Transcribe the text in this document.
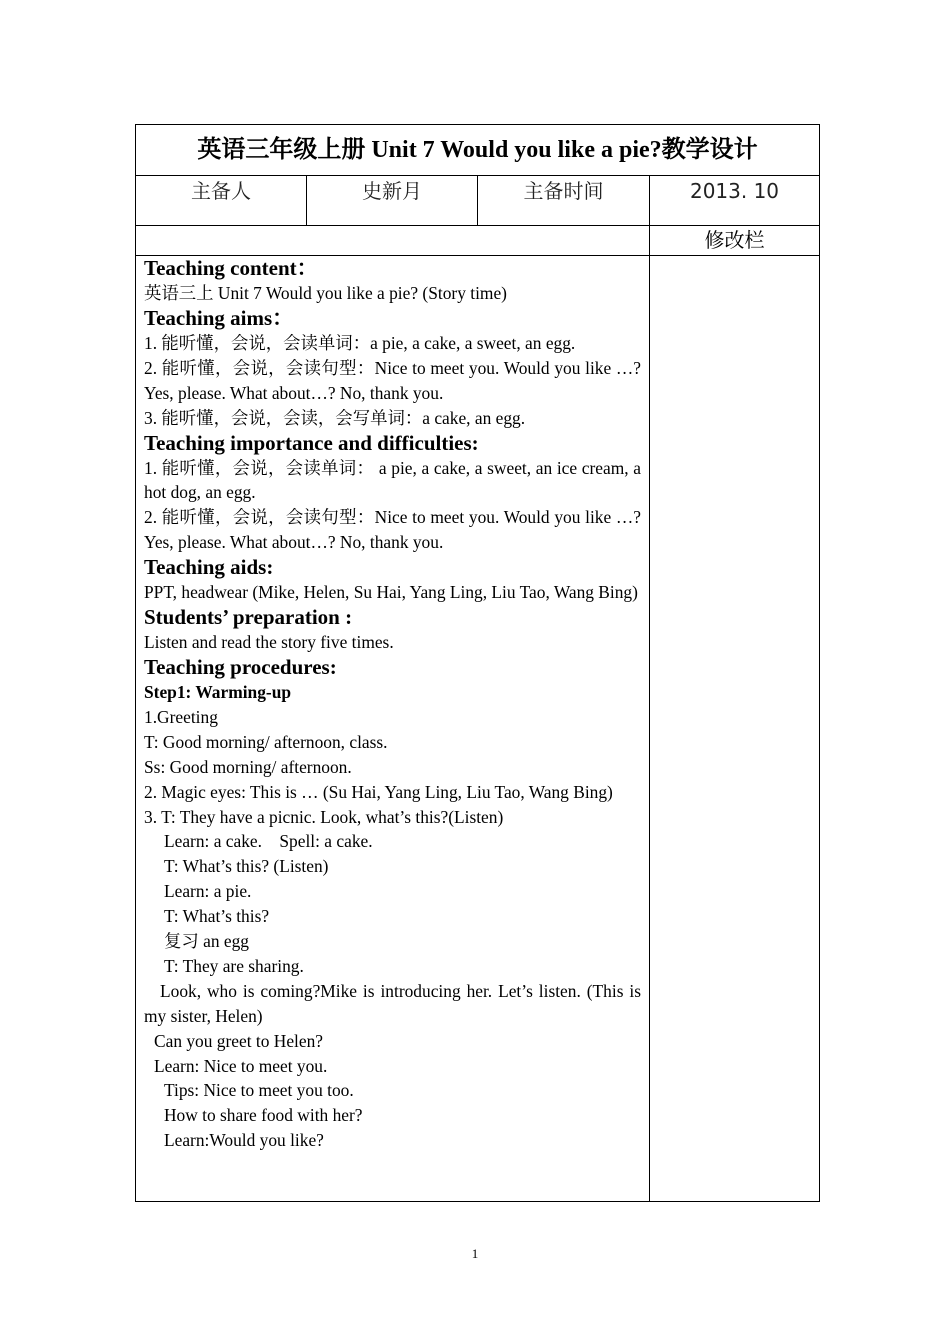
英语三年级上册 Unit 7 Would you like a pie?教学设计
主备人	史新月	主备时间	2013. 10
修改栏
Teaching content：
英语三上 Unit 7 Would you like a pie? (Story time)
Teaching aims：
1. 能听懂，会说，会读单词：a pie, a cake, a sweet, an egg.
2. 能听懂，会说，会读句型：Nice to meet you. Would you like …? Yes, please. What about…? No, thank you.
3. 能听懂，会说，会读，会写单词：a cake, an egg.
Teaching importance and difficulties:
1. 能听懂，会说，会读单词： a pie, a cake, a sweet, an ice cream, a hot dog, an egg.
2. 能听懂，会说，会读句型：Nice to meet you. Would you like …? Yes, please. What about…? No, thank you.
Teaching aids:
PPT, headwear (Mike, Helen, Su Hai, Yang Ling, Liu Tao, Wang Bing)
Students’ preparation :
Listen and read the story five times.
Teaching procedures:
Step1: Warming-up
1.Greeting
T: Good morning/ afternoon, class.
Ss: Good morning/ afternoon.
2. Magic eyes: This is … (Su Hai, Yang Ling, Liu Tao, Wang Bing)
3. T: They have a picnic. Look, what’s this?(Listen)
Learn: a cake.    Spell: a cake.
T: What’s this? (Listen)
Learn: a pie.
T: What’s this?
复习 an egg
T: They are sharing.
Look, who is coming?Mike is introducing her. Let’s listen. (This is my sister, Helen)
Can you greet to Helen?
Learn: Nice to meet you.
Tips: Nice to meet you too.
How to share food with her?
Learn:Would you like?
1
